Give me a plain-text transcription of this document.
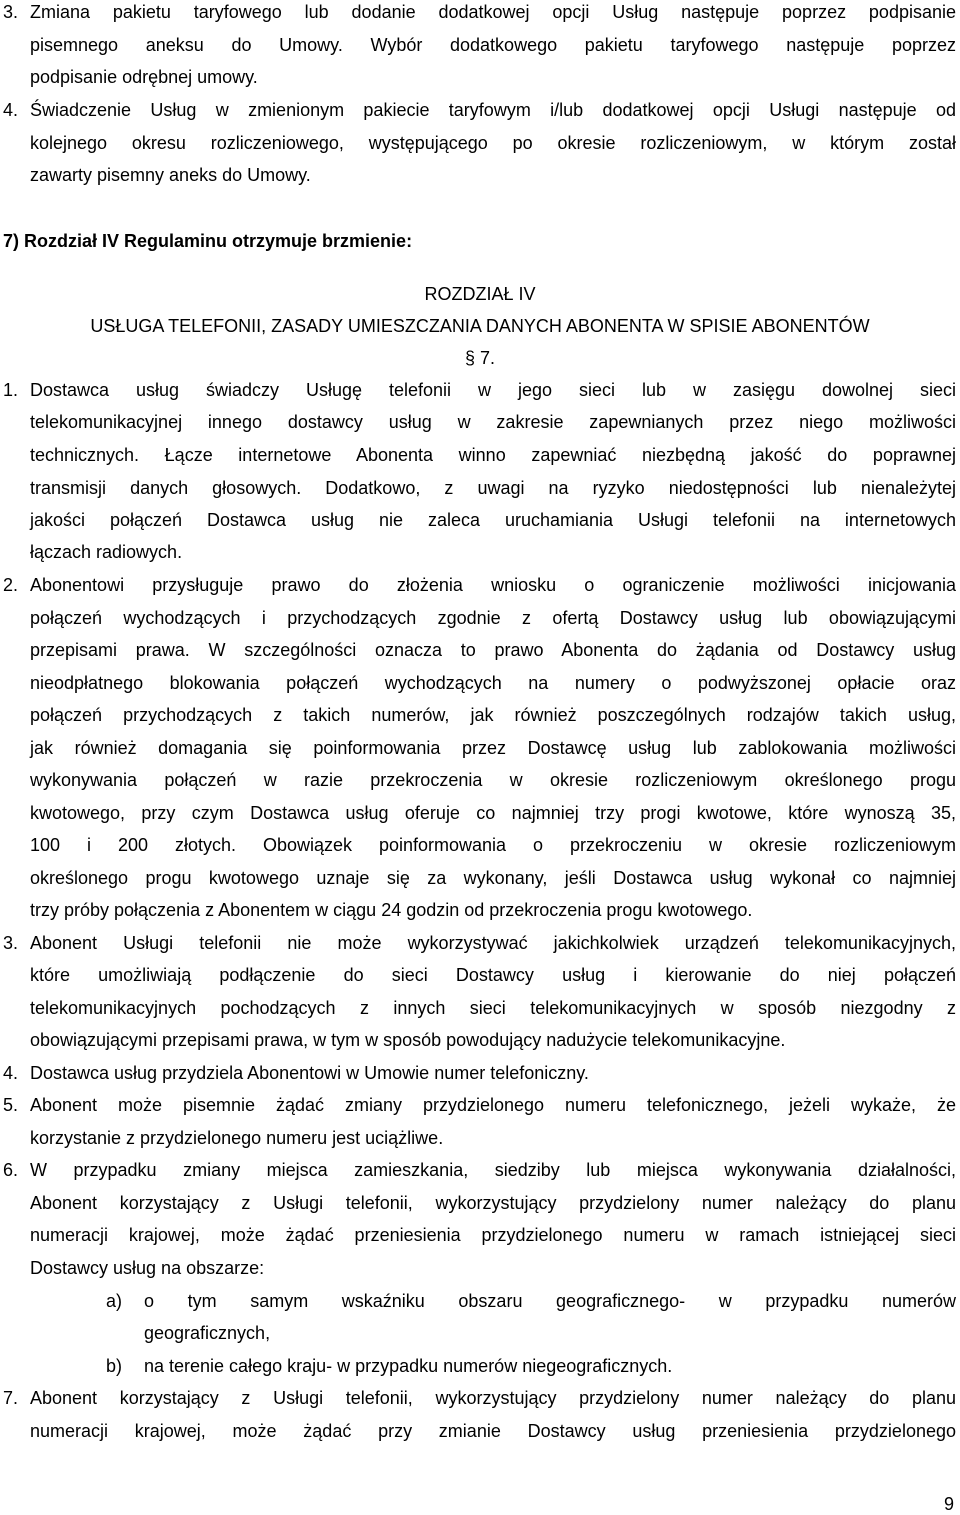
3. Zmiana pakietu taryfowego lub dodanie dodatkowej opcji Usług następuje poprzez podpisanie
pisemnego aneksu do Umowy. Wybór dodatkowego pakietu taryfowego następuje poprzez
podpisanie odrębnej umowy.
4. Świadczenie Usług w zmienionym pakiecie taryfowym i/lub dodatkowej opcji Usługi następuje od
kolejnego okresu rozliczeniowego, występującego po okresie rozliczeniowym, w którym został
zawarty pisemny aneks do Umowy.
7) Rozdział IV Regulaminu otrzymuje brzmienie:
ROZDZIAŁ IV
USŁUGA TELEFONII, ZASADY UMIESZCZANIA DANYCH ABONENTA W SPISIE ABONENTÓW
§ 7.
1. Dostawca usług świadczy Usługę telefonii w jego sieci lub w zasięgu dowolnej sieci
telekomunikacyjnej innego dostawcy usług w zakresie zapewnianych przez niego możliwości
technicznych. Łącze internetowe Abonenta winno zapewniać niezbędną jakość do poprawnej
transmisji danych głosowych. Dodatkowo, z uwagi na ryzyko niedostępności lub nienależytej
jakości połączeń Dostawca usług nie zaleca uruchamiania Usługi telefonii na internetowych
łączach radiowych.
2. Abonentowi przysługuje prawo do złożenia wniosku o ograniczenie możliwości inicjowania
połączeń wychodzących i przychodzących zgodnie z ofertą Dostawcy usług lub obowiązującymi
przepisami prawa. W szczególności oznacza to prawo Abonenta do żądania od Dostawcy usług
nieodpłatnego blokowania połączeń wychodzących na numery o podwyższonej opłacie oraz
połączeń przychodzących z takich numerów, jak również poszczególnych rodzajów takich usług,
jak również domagania się poinformowania przez Dostawcę usług lub zablokowania możliwości
wykonywania połączeń w razie przekroczenia w okresie rozliczeniowym określonego progu
kwotowego, przy czym Dostawca usług oferuje co najmniej trzy progi kwotowe, które wynoszą 35,
100 i 200 złotych. Obowiązek poinformowania o przekroczeniu w okresie rozliczeniowym
określonego progu kwotowego uznaje się za wykonany, jeśli Dostawca usług wykonał co najmniej
trzy próby połączenia z Abonentem w ciągu 24 godzin od przekroczenia progu kwotowego.
3. Abonent Usługi telefonii nie może wykorzystywać jakichkolwiek urządzeń telekomunikacyjnych,
które umożliwiają podłączenie do sieci Dostawcy usług i kierowanie do niej połączeń
telekomunikacyjnych pochodzących z innych sieci telekomunikacyjnych w sposób niezgodny z
obowiązującymi przepisami prawa, w tym w sposób powodujący nadużycie telekomunikacyjne.
4. Dostawca usług przydziela Abonentowi w Umowie numer telefoniczny.
5. Abonent może pisemnie żądać zmiany przydzielonego numeru telefonicznego, jeżeli wykaże, że
korzystanie z przydzielonego numeru jest uciążliwe.
6. W przypadku zmiany miejsca zamieszkania, siedziby lub miejsca wykonywania działalności,
Abonent korzystający z Usługi telefonii, wykorzystujący przydzielony numer należący do planu
numeracji krajowej, może żądać przeniesienia przydzielonego numeru w ramach istniejącej sieci
Dostawcy usług na obszarze:
a) o tym samym wskaźniku obszaru geograficznego- w przypadku numerów
geograficznych,
b) na terenie całego kraju- w przypadku numerów niegeograficznych.
7. Abonent korzystający z Usługi telefonii, wykorzystujący przydzielony numer należący do planu
numeracji krajowej, może żądać przy zmianie Dostawcy usług przeniesienia przydzielonego
9
